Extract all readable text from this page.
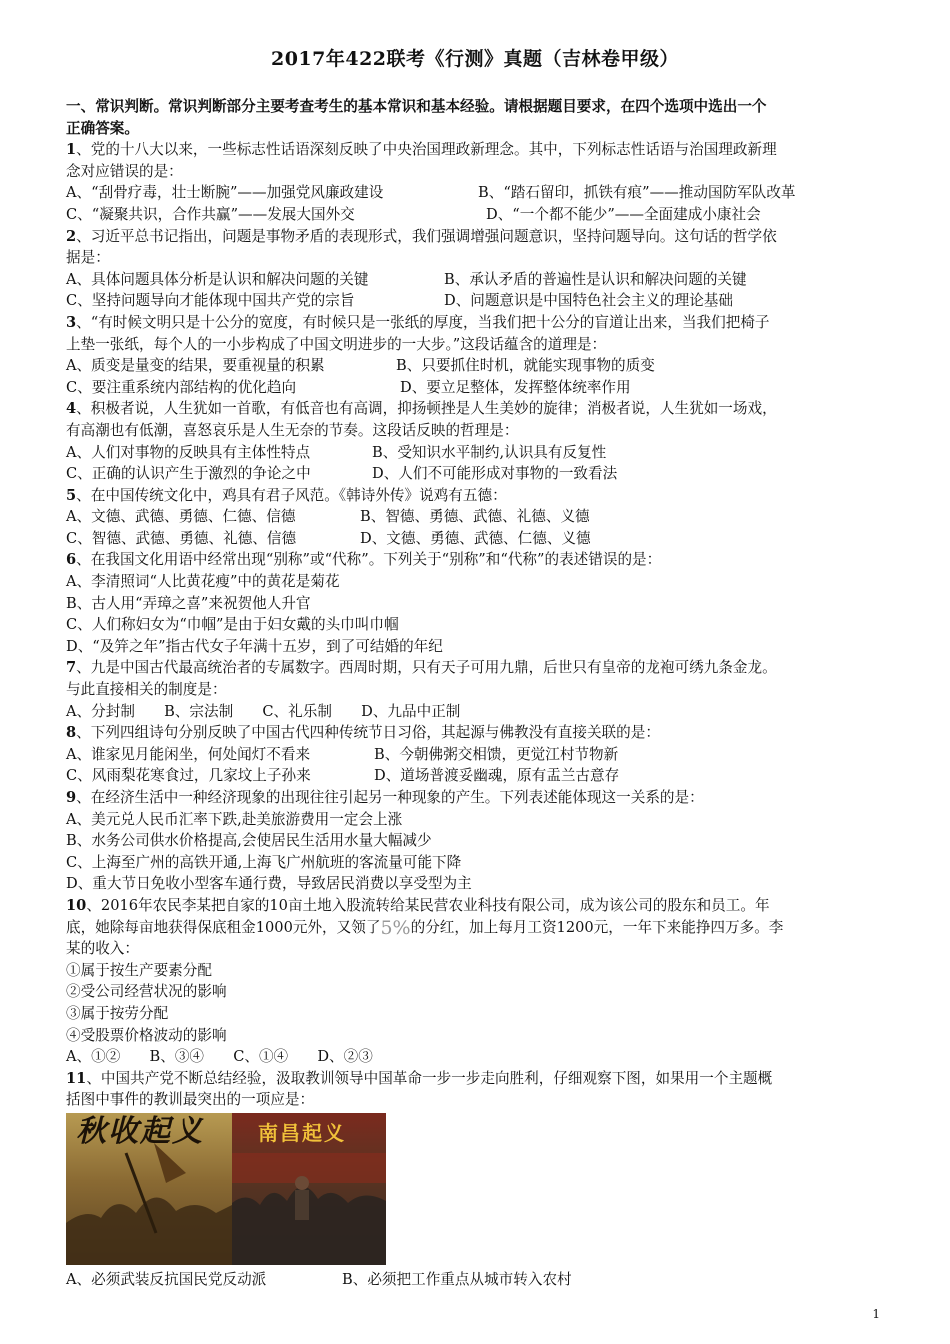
2017年422联考《行测》真题（吉林卷甲级）
一、常识判断。常识判断部分主要考查考生的基本常识和基本经验。请根据题目要求，在四个选项中选出一个
正确答案。
1、党的十八大以来，一些标志性话语深刻反映了中央治国理政新理念。其中，下列标志性话语与治国理政新理
念对应错误的是：
A、“刮骨疗毒，壮士断腕”——加强党风廉政建设	B、“踏石留印，抓铁有痕”——推动国防军队改革
C、“凝聚共识，合作共赢”——发展大国外交	D、“一个都不能少”——全面建成小康社会
2、习近平总书记指出，问题是事物矛盾的表现形式，我们强调增强问题意识，坚持问题导向。这句话的哲学依
据是：
A、具体问题具体分析是认识和解决问题的关键	B、承认矛盾的普遍性是认识和解决问题的关键
C、坚持问题导向才能体现中国共产党的宗旨	D、问题意识是中国特色社会主义的理论基础
3、“有时候文明只是十公分的宽度，有时候只是一张纸的厚度，当我们把十公分的盲道让出来，当我们把椅子
上垫一张纸，每个人的一小步构成了中国文明进步的一大步。”这段话蕴含的道理是：
A、质变是量变的结果，要重视量的积累	B、只要抓住时机，就能实现事物的质变
C、要注重系统内部结构的优化趋向	D、要立足整体，发挥整体统率作用
4、积极者说，人生犹如一首歌，有低音也有高调，抑扬顿挫是人生美妙的旋律；消极者说，人生犹如一场戏，
有高潮也有低潮，喜怒哀乐是人生无奈的节奏。这段话反映的哲理是：
A、人们对事物的反映具有主体性特点	B、受知识水平制约,认识具有反复性
C、正确的认识产生于激烈的争论之中	D、人们不可能形成对事物的一致看法
5、在中国传统文化中，鸡具有君子风范。《韩诗外传》说鸡有五德：
A、文德、武德、勇德、仁德、信德	B、智德、勇德、武德、礼德、义德
C、智德、武德、勇德、礼德、信德	D、文德、勇德、武德、仁德、义德
6、在我国文化用语中经常出现“别称”或“代称”。下列关于“别称”和“代称”的表述错误的是：
A、李清照词“人比黄花瘦”中的黄花是菊花
B、古人用“弄璋之喜”来祝贺他人升官
C、人们称妇女为“巾帼”是由于妇女戴的头巾叫巾帼
D、“及笄之年”指古代女子年满十五岁，到了可结婚的年纪
7、九是中国古代最高统治者的专属数字。西周时期，只有天子可用九鼎，后世只有皇帝的龙袍可绣九条金龙。
与此直接相关的制度是：
A、分封制　　B、宗法制　　C、礼乐制　　D、九品中正制
8、下列四组诗句分别反映了中国古代四种传统节日习俗，其起源与佛教没有直接关联的是：
A、谁家见月能闲坐，何处闻灯不看来	B、今朝佛粥交相馈，更觉江村节物新
C、风雨梨花寒食过，几家坟上子孙来	D、道场普渡妥幽魂，原有盂兰古意存
9、在经济生活中一种经济现象的出现往往引起另一种现象的产生。下列表述能体现这一关系的是：
A、美元兑人民币汇率下跌,赴美旅游费用一定会上涨
B、水务公司供水价格提高,会使居民生活用水量大幅减少
C、上海至广州的高铁开通,上海飞广州航班的客流量可能下降
D、重大节日免收小型客车通行费，导致居民消费以享受型为主
10、2016年农民李某把自家的10亩土地入股流转给某民营农业科技有限公司，成为该公司的股东和员工。年
底，她除每亩地获得保底租金1000元外，又领了5%的分红，加上每月工资1200元，一年下来能挣四万多。李
某的收入：
①属于按生产要素分配
②受公司经营状况的影响
③属于按劳分配
④受股票价格波动的影响
A、①②　　B、③④　　C、①④　　D、②③
11、中国共产党不断总结经验，汲取教训领导中国革命一步一步走向胜利，仔细观察下图，如果用一个主题概
括图中事件的教训最突出的一项应是：
秋收起义	南昌起义
A、必须武装反抗国民党反动派	B、必须把工作重点从城市转入农村
1
